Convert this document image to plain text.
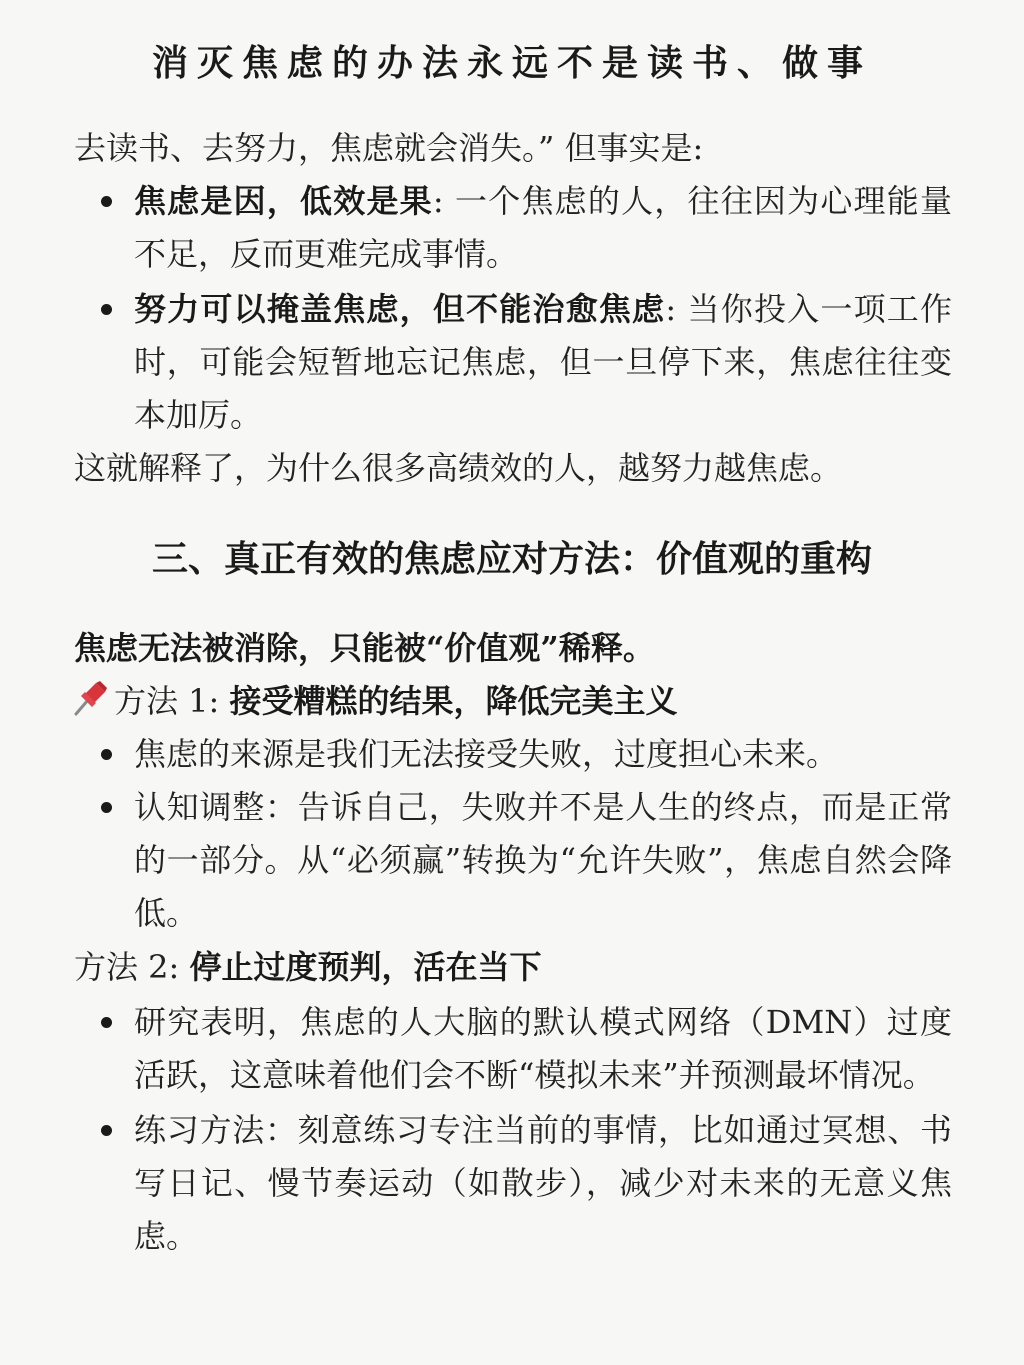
消灭焦虑的办法永远不是读书、做事

去读书、去努力，焦虑就会消失。” 但事实是:

焦虑是因，低效是果: 一个焦虑的人，往往因为心理能量不足，反而更难完成事情。
努力可以掩盖焦虑，但不能治愈焦虑: 当你投入一项工作时，可能会短暂地忘记焦虑，但一旦停下来，焦虑往往变本加厉。

这就解释了，为什么很多高绩效的人，越努力越焦虑。

三、真正有效的焦虑应对方法：价值观的重构

焦虑无法被消除，只能被“价值观”稀释。

方法 1: 接受糟糕的结果，降低完美主义

焦虑的来源是我们无法接受失败，过度担心未来。
认知调整：告诉自己，失败并不是人生的终点，而是正常的一部分。从“必须赢”转换为“允许失败”，焦虑自然会降低。

方法 2: 停止过度预判，活在当下

研究表明，焦虑的人大脑的默认模式网络（DMN）过度活跃，这意味着他们会不断“模拟未来”并预测最坏情况。
练习方法：刻意练习专注当前的事情，比如通过冥想、书写日记、慢节奏运动（如散步），减少对未来的无意义焦虑。
